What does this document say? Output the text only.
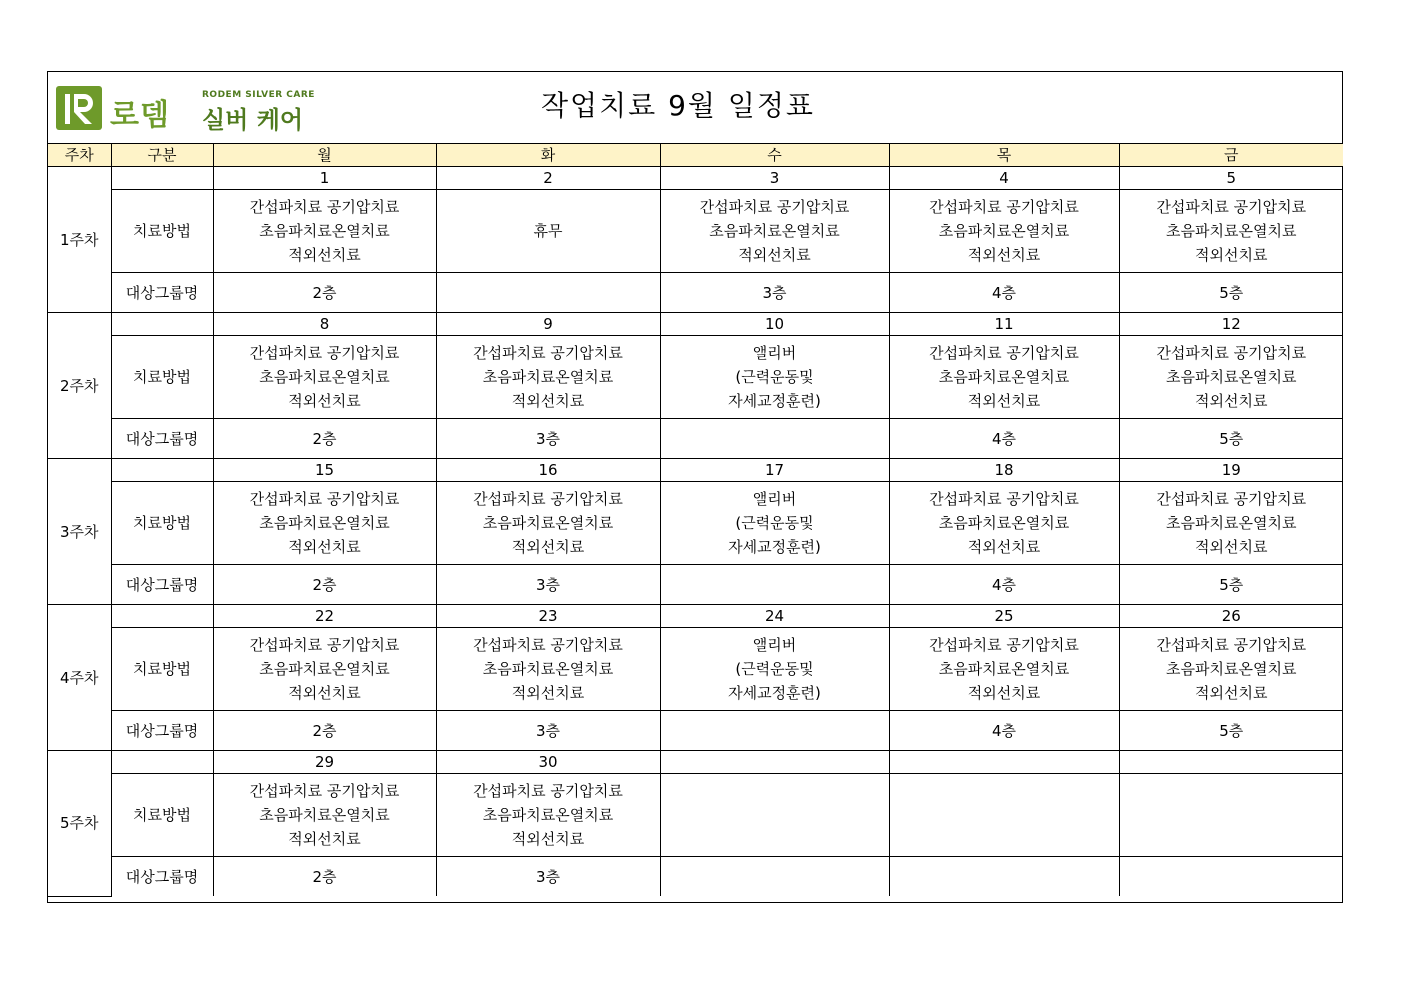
로뎀
RODEM SILVER CARE
실버 케어	작업치료 9월 일정표
주차	구분	월	화	수	목	금
1주차		1	2	3	4	5
	치료방법	간섭파치료 공기압치료
초음파치료온열치료
적외선치료	휴무	간섭파치료 공기압치료
초음파치료온열치료
적외선치료	간섭파치료 공기압치료
초음파치료온열치료
적외선치료	간섭파치료 공기압치료
초음파치료온열치료
적외선치료

	대상그룹명	2층		3층	4층	5층
2주차		8	9	10	11	12
	치료방법	간섭파치료 공기압치료
초음파치료온열치료
적외선치료	간섭파치료 공기압치료
초음파치료온열치료
적외선치료	앨리버
(근력운동및
자세교정훈련)	간섭파치료 공기압치료
초음파치료온열치료
적외선치료	간섭파치료 공기압치료
초음파치료온열치료
적외선치료

	대상그룹명	2층	3층		4층	5층
3주차		15	16	17	18	19
	치료방법	간섭파치료 공기압치료
초음파치료온열치료
적외선치료	간섭파치료 공기압치료
초음파치료온열치료
적외선치료	앨리버
(근력운동및
자세교정훈련)	간섭파치료 공기압치료
초음파치료온열치료
적외선치료	간섭파치료 공기압치료
초음파치료온열치료
적외선치료

	대상그룹명	2층	3층		4층	5층
4주차		22	23	24	25	26
	치료방법	간섭파치료 공기압치료
초음파치료온열치료
적외선치료	간섭파치료 공기압치료
초음파치료온열치료
적외선치료	앨리버
(근력운동및
자세교정훈련)	간섭파치료 공기압치료
초음파치료온열치료
적외선치료	간섭파치료 공기압치료
초음파치료온열치료
적외선치료

	대상그룹명	2층	3층		4층	5층
5주차		29	30			
	치료방법	간섭파치료 공기압치료
초음파치료온열치료
적외선치료	간섭파치료 공기압치료
초음파치료온열치료
적외선치료			

	대상그룹명	2층	3층			
